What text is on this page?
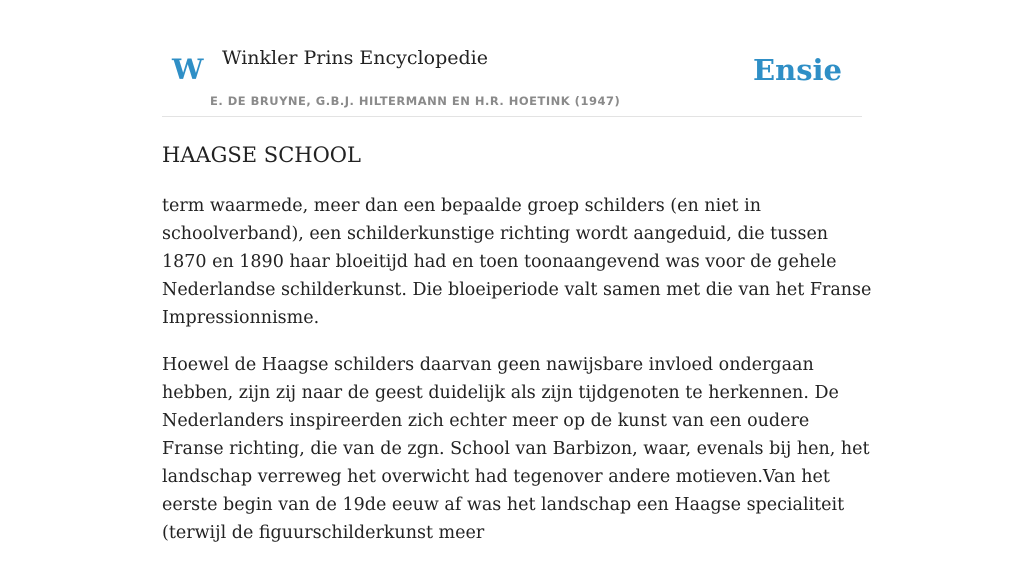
W Winkler Prins Encyclopedie
E. DE BRUYNE, G.B.J. HILTERMANN EN H.R. HOETINK (1947)
Ensie
HAAGSE SCHOOL

term waarmede, meer dan een bepaalde groep schilders (en niet in schoolverband), een schilderkunstige richting wordt aangeduid, die tussen 1870 en 1890 haar bloeitijd had en toen toonaangevend was voor de gehele Nederlandse schilderkunst. Die bloeiperiode valt samen met die van het Franse Impressionnisme.

Hoewel de Haagse schilders daarvan geen nawijsbare invloed ondergaan hebben, zijn zij naar de geest duidelijk als zijn tijdgenoten te herkennen. De Nederlanders inspireerden zich echter meer op de kunst van een oudere Franse richting, die van de zgn. School van Barbizon, waar, evenals bij hen, het landschap verreweg het overwicht had tegenover andere motieven.Van het eerste begin van de 19de eeuw af was het landschap een Haagse specialiteit (terwijl de figuurschilderkunst meer
